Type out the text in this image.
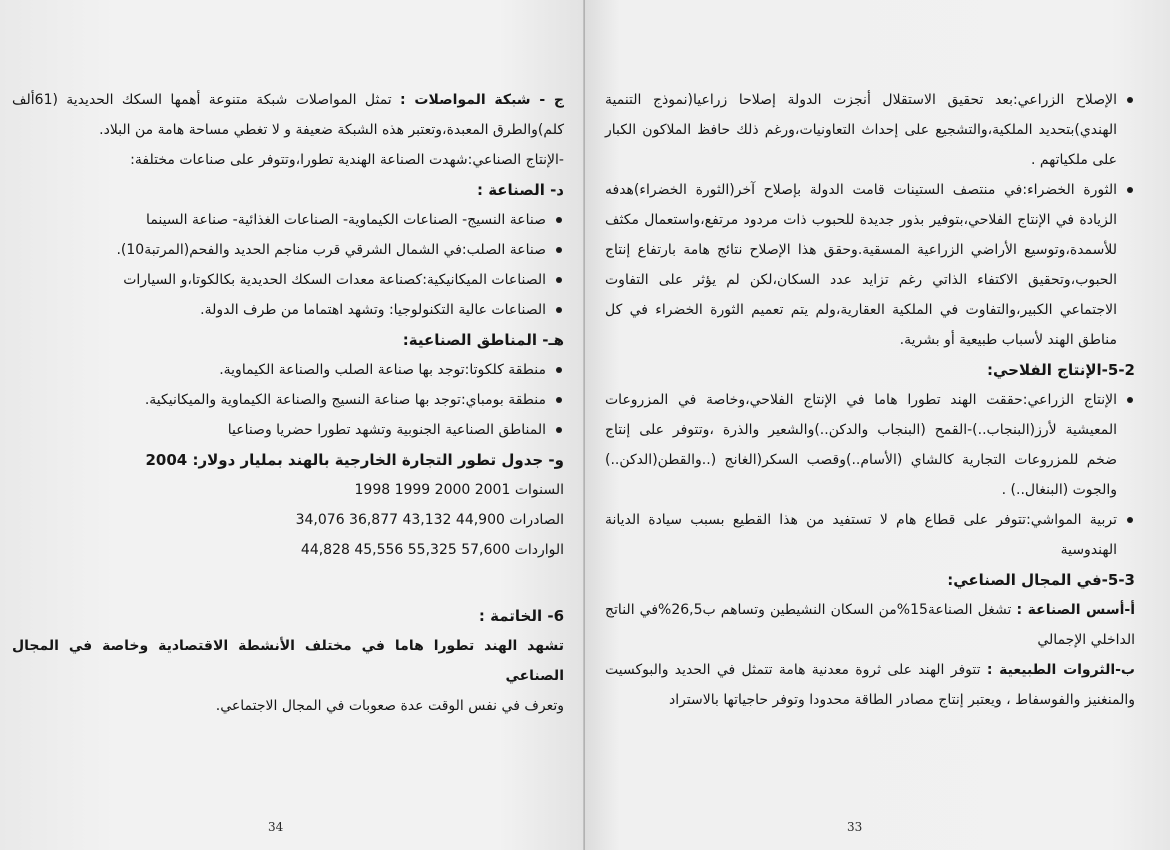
ج - شبكة المواصلات : تمثل المواصلات شبكة متنوعة أهمها السكك الحديدية (61ألف كلم)والطرق المعبدة،وتعتبر هذه الشبكة ضعيفة و لا تغطي مساحة هامة من البلاد.

-الإنتاج الصناعي:شهدت الصناعة الهندية تطورا،وتتوفر على صناعات مختلفة:

د- الصناعة :

صناعة النسيج- الصناعات الكيماوية- الصناعات الغذائية- صناعة السينما
صناعة الصلب:في الشمال الشرقي قرب مناجم الحديد والفحم(المرتبة10).
الصناعات الميكانيكية:كصناعة معدات السكك الحديدية بكالكوتا،و السيارات
الصناعات عالية التكنولوجيا: وتشهد اهتماما من طرف الدولة.

هـ- المناطق الصناعية:

منطقة كلكوتا:توجد بها صناعة الصلب والصناعة الكيماوية.
منطقة بومباي:توجد بها صناعة النسيج والصناعة الكيماوية والميكانيكية.
المناطق الصناعية الجنوبية وتشهد تطورا حضريا وصناعيا

و- جدول تطور التجارة الخارجية بالهند بمليار دولار: 2004

1998 1999 2000 2001 السنوات

34,076 36,877 43,132 44,900 الصادرات

44,828 45,556 55,325 57,600 الواردات

6- الخاتمة :

تشهد الهند تطورا هاما في مختلف الأنشطة الاقتصادية وخاصة في المجال الصناعي

وتعرف في نفس الوقت عدة صعوبات في المجال الاجتماعي.

34
الإصلاح الزراعي:بعد تحقيق الاستقلال أنجزت الدولة إصلاحا زراعيا(نموذج التنمية الهندي)بتحديد الملكية،والتشجيع على إحداث التعاونيات،ورغم ذلك حافظ الملاكون الكبار على ملكياتهم .
الثورة الخضراء:في منتصف الستينات قامت الدولة بإصلاح آخر(الثورة الخضراء)هدفه الزيادة في الإنتاج الفلاحي،بتوفير بذور جديدة للحبوب ذات مردود مرتفع،واستعمال مكثف للأسمدة،وتوسيع الأراضي الزراعية المسقية.وحقق هذا الإصلاح نتائج هامة بارتفاع إنتاج الحبوب،وتحقيق الاكتفاء الذاتي رغم تزايد عدد السكان،لكن لم يؤثر على التفاوت الاجتماعي الكبير،والتفاوت في الملكية العقارية،ولم يتم تعميم الثورة الخضراء في كل مناطق الهند لأسباب طبيعية أو بشرية.

5-2-الإنتاج الفلاحي:

الإنتاج الزراعي:حققت الهند تطورا هاما في الإنتاج الفلاحي،وخاصة في المزروعات المعيشية لأرز(البنجاب..)-القمح (البنجاب والدكن..)والشعير والذرة ،وتتوفر على إنتاج ضخم للمزروعات التجارية كالشاي (الأسام..)وقصب السكر(الغانج (..والقطن(الدكن..) والجوت (البنغال..) .
تربية المواشي:تتوفر على قطاع هام لا تستفيد من هذا القطيع بسبب سيادة الديانة الهندوسية

5-3-في المجال الصناعي:

أ-أسس الصناعة : تشغل الصناعة15%من السكان النشيطين وتساهم ب26,5%في الناتج الداخلي الإجمالي

ب-الثروات الطبيعية : تتوفر الهند على ثروة معدنية هامة تتمثل في الحديد والبوكسيت والمنغنيز والفوسفاط ، ويعتبر إنتاج مصادر الطاقة محدودا وتوفر حاجياتها بالاستراد

33
